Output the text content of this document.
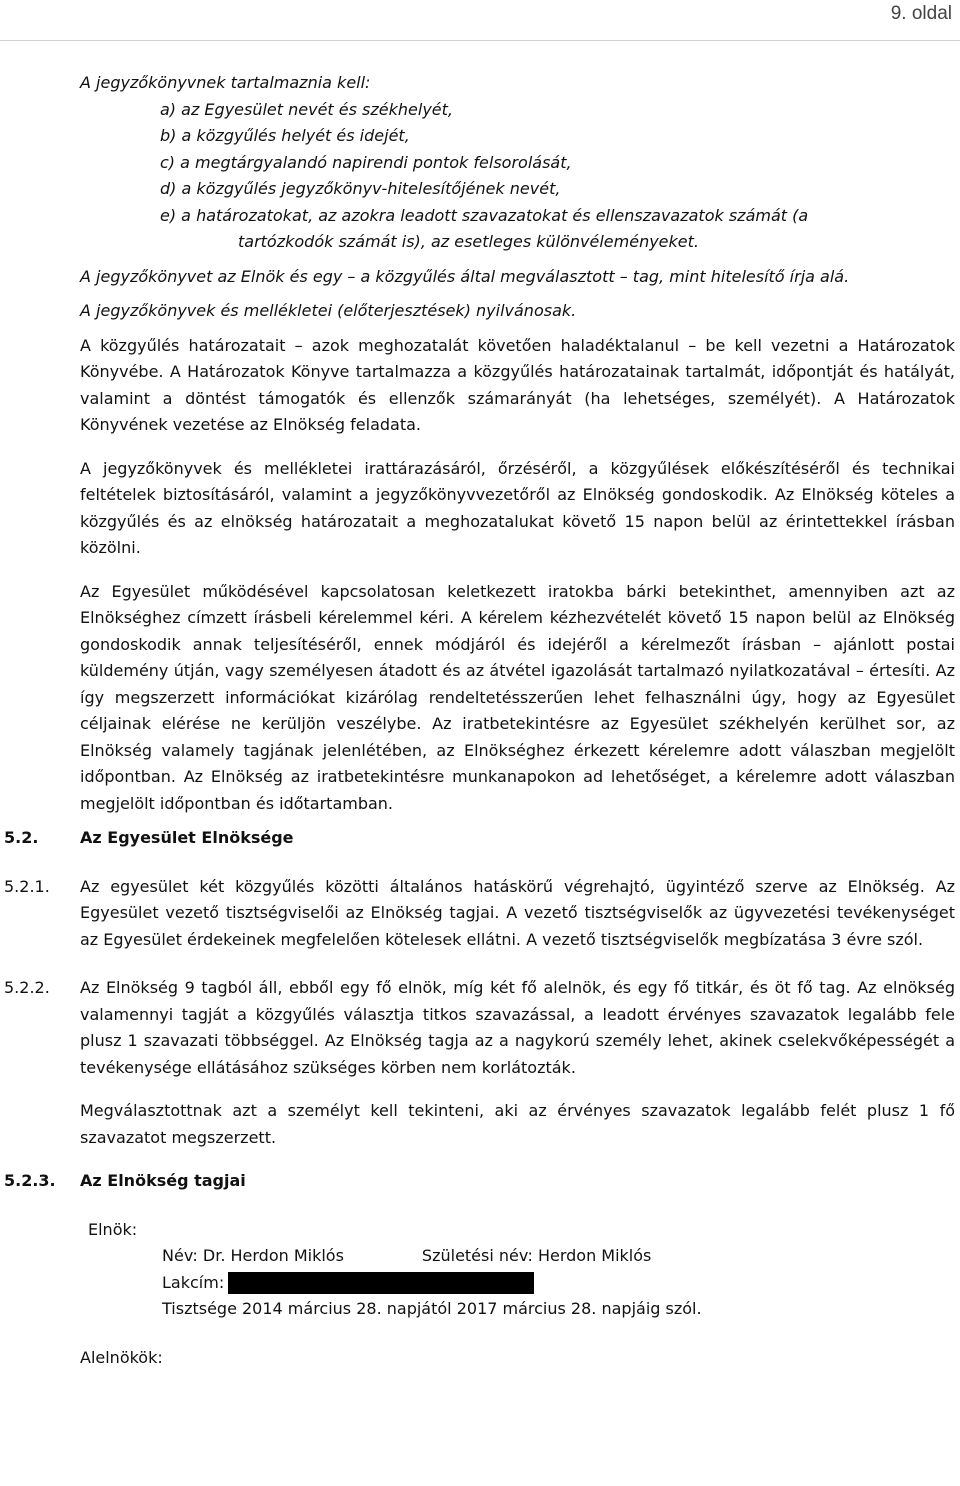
9. oldal

A jegyzőkönyvnek tartalmaznia kell:

a) az Egyesület nevét és székhelyét,

b) a közgyűlés helyét és idejét,

c) a megtárgyalandó napirendi pontok felsorolását,

d) a közgyűlés jegyzőkönyv-hitelesítőjének nevét,

e) a határozatokat, az azokra leadott szavazatokat és ellenszavazatok számát (a

tartózkodók számát is), az esetleges különvéleményeket.

A jegyzőkönyvet az Elnök és egy – a közgyűlés által megválasztott – tag, mint hitelesítő írja alá.

A jegyzőkönyvek és mellékletei (előterjesztések) nyilvánosak.

A közgyűlés határozatait – azok meghozatalát követően haladéktalanul – be kell vezetni a Határozatok Könyvébe. A Határozatok Könyve tartalmazza a közgyűlés határozatainak tartalmát, időpontját és hatályát, valamint a döntést támogatók és ellenzők számarányát (ha lehetséges, személyét). A Határozatok Könyvének vezetése az Elnökség feladata.

A jegyzőkönyvek és mellékletei irattárazásáról, őrzéséről, a közgyűlések előkészítéséről és technikai feltételek biztosításáról, valamint a jegyzőkönyvvezetőről az Elnökség gondoskodik. Az Elnökség köteles a közgyűlés és az elnökség határozatait a meghozatalukat követő 15 napon belül az érintettekkel írásban közölni.

Az Egyesület működésével kapcsolatosan keletkezett iratokba bárki betekinthet, amennyiben azt az Elnökséghez címzett írásbeli kérelemmel kéri. A kérelem kézhezvételét követő 15 napon belül az Elnökség gondoskodik annak teljesítéséről, ennek módjáról és idejéről a kérelmezőt írásban – ajánlott postai küldemény útján, vagy személyesen átadott és az átvétel igazolását tartalmazó nyilatkozatával – értesíti. Az így megszerzett információkat kizárólag rendeltetésszerűen lehet felhasználni úgy, hogy az Egyesület céljainak elérése ne kerüljön veszélybe. Az iratbetekintésre az Egyesület székhelyén kerülhet sor, az Elnökség valamely tagjának jelenlétében, az Elnökséghez érkezett kérelemre adott válaszban megjelölt időpontban. Az Elnökség az iratbetekintésre munkanapokon ad lehetőséget, a kérelemre adott válaszban megjelölt időpontban és időtartamban.

5.2.	Az Egyesület Elnöksége
5.2.1. Az egyesület két közgyűlés közötti általános hatáskörű végrehajtó, ügyintéző szerve az Elnökség. Az Egyesület vezető tisztségviselői az Elnökség tagjai. A vezető tisztségviselők az ügyvezetési tevékenységet az Egyesület érdekeinek megfelelően kötelesek ellátni. A vezető tisztségviselők megbízatása 3 évre szól.

5.2.2. Az Elnökség 9 tagból áll, ebből egy fő elnök, míg két fő alelnök, és egy fő titkár, és öt fő tag. Az elnökség valamennyi tagját a közgyűlés választja titkos szavazással, a leadott érvényes szavazatok legalább fele plusz 1 szavazati többséggel. Az Elnökség tagja az a nagykorú személy lehet, akinek cselekvőképességét a tevékenysége ellátásához szükséges körben nem korlátozták.

Megválasztottnak azt a személyt kell tekinteni, aki az érvényes szavazatok legalább felét plusz 1 fő szavazatot megszerzett.

5.2.3. Az Elnökség tagjai

Elnök:

Név: Dr. Herdon Miklós	Születési név: Herdon Miklós

Lakcím:

Tisztsége 2014 március 28. napjától 2017 március 28. napjáig szól.

Alelnökök:
